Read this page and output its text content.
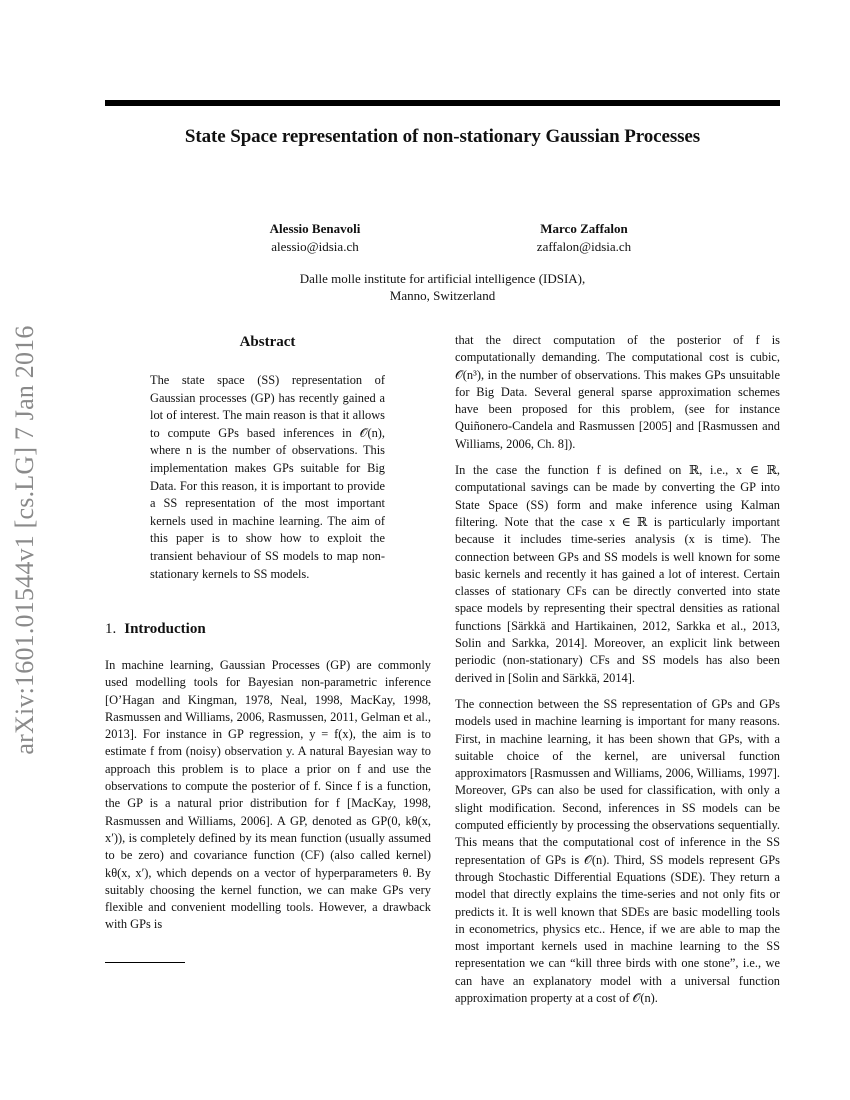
arXiv:1601.01544v1 [cs.LG] 7 Jan 2016
State Space representation of non-stationary Gaussian Processes
Alessio Benavoli
alessio@idsia.ch
Marco Zaffalon
zaffalon@idsia.ch
Dalle molle institute for artificial intelligence (IDSIA),
Manno, Switzerland
Abstract

The state space (SS) representation of Gaussian processes (GP) has recently gained a lot of interest. The main reason is that it allows to compute GPs based inferences in 𝒪(n), where n is the number of observations. This implementation makes GPs suitable for Big Data. For this reason, it is important to provide a SS representation of the most important kernels used in machine learning. The aim of this paper is to show how to exploit the transient behaviour of SS models to map non-stationary kernels to SS models.

1. Introduction

In machine learning, Gaussian Processes (GP) are commonly used modelling tools for Bayesian non-parametric inference [O’Hagan and Kingman, 1978, Neal, 1998, MacKay, 1998, Rasmussen and Williams, 2006, Rasmussen, 2011, Gelman et al., 2013]. For instance in GP regression, y = f(x), the aim is to estimate f from (noisy) observation y. A natural Bayesian way to approach this problem is to place a prior on f and use the observations to compute the posterior of f. Since f is a function, the GP is a natural prior distribution for f [MacKay, 1998, Rasmussen and Williams, 2006]. A GP, denoted as GP(0, kθ(x, x′)), is completely defined by its mean function (usually assumed to be zero) and covariance function (CF) (also called kernel) kθ(x, x′), which depends on a vector of hyperparameters θ. By suitably choosing the kernel function, we can make GPs very flexible and convenient modelling tools. However, a drawback with GPs is

that the direct computation of the posterior of f is computationally demanding. The computational cost is cubic, 𝒪(n³), in the number of observations. This makes GPs unsuitable for Big Data. Several general sparse approximation schemes have been proposed for this problem, (see for instance Quiñonero-Candela and Rasmussen [2005] and [Rasmussen and Williams, 2006, Ch. 8]).

In the case the function f is defined on ℝ, i.e., x ∈ ℝ, computational savings can be made by converting the GP into State Space (SS) form and make inference using Kalman filtering. Note that the case x ∈ ℝ is particularly important because it includes time-series analysis (x is time). The connection between GPs and SS models is well known for some basic kernels and recently it has gained a lot of interest. Certain classes of stationary CFs can be directly converted into state space models by representing their spectral densities as rational functions [Särkkä and Hartikainen, 2012, Sarkka et al., 2013, Solin and Sarkka, 2014]. Moreover, an explicit link between periodic (non-stationary) CFs and SS models has also been derived in [Solin and Särkkä, 2014].

The connection between the SS representation of GPs and GPs models used in machine learning is important for many reasons. First, in machine learning, it has been shown that GPs, with a suitable choice of the kernel, are universal function approximators [Rasmussen and Williams, 2006, Williams, 1997]. Moreover, GPs can also be used for classification, with only a slight modification. Second, inferences in SS models can be computed efficiently by processing the observations sequentially. This means that the computational cost of inference in the SS representation of GPs is 𝒪(n). Third, SS models represent GPs through Stochastic Differential Equations (SDE). They return a model that directly explains the time-series and not only fits or predicts it. It is well known that SDEs are basic modelling tools in econometrics, physics etc.. Hence, if we are able to map the most important kernels used in machine learning to the SS representation we can “kill three birds with one stone”, i.e., we can have an explanatory model with a universal function approximation property at a cost of 𝒪(n).
